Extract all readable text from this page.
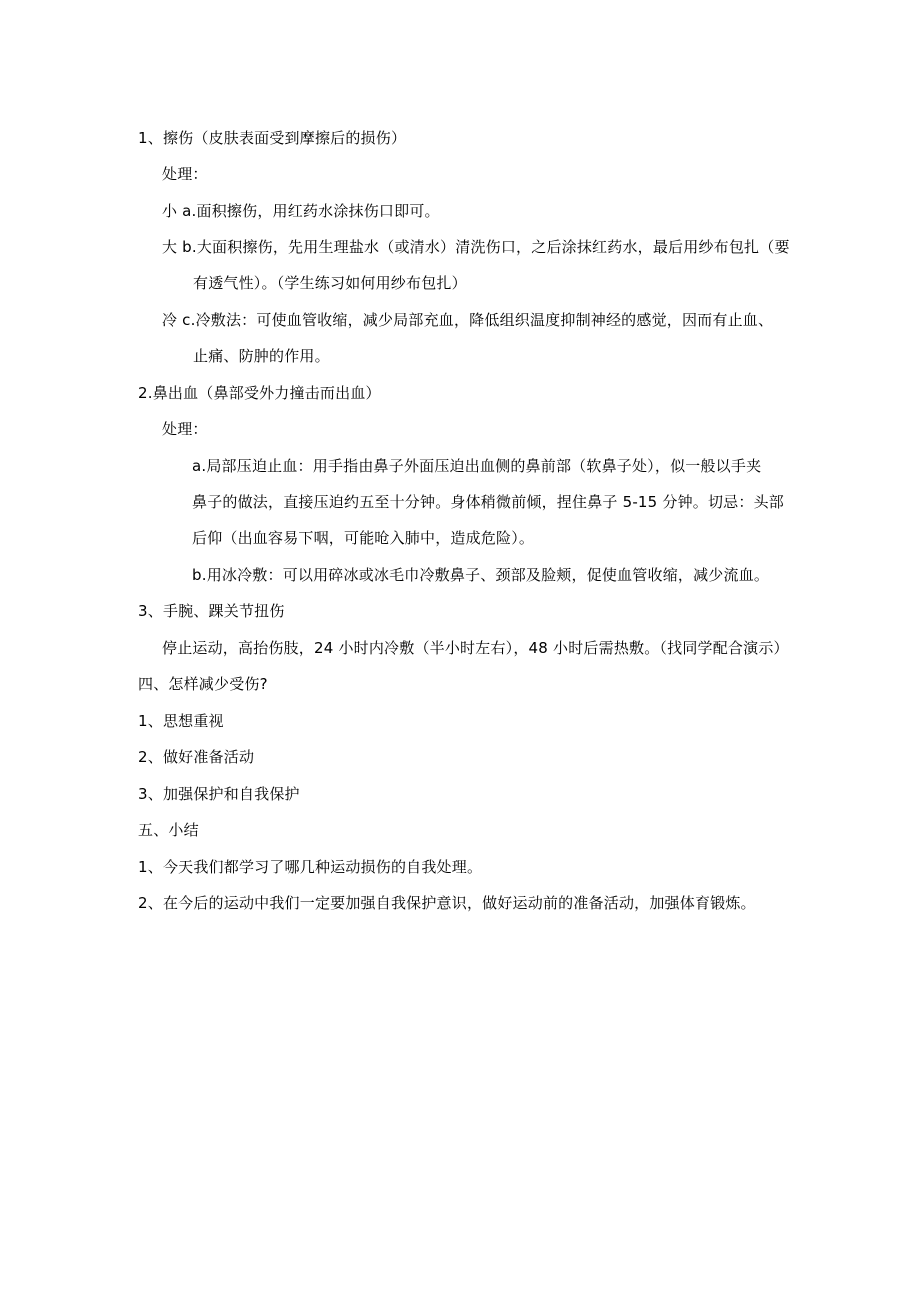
1、擦伤（皮肤表面受到摩擦后的损伤）
处理：
小 a.面积擦伤，用红药水涂抹伤口即可。
大 b.大面积擦伤，先用生理盐水（或清水）清洗伤口，之后涂抹红药水，最后用纱布包扎（要
有透气性）。（学生练习如何用纱布包扎）
冷 c.冷敷法：可使血管收缩，减少局部充血，降低组织温度抑制神经的感觉，因而有止血、
止痛、防肿的作用。
2.鼻出血（鼻部受外力撞击而出血）
处理：
a.局部压迫止血：用手指由鼻子外面压迫出血侧的鼻前部（软鼻子处），似一般以手夹
鼻子的做法，直接压迫约五至十分钟。身体稍微前倾，捏住鼻子 5-15 分钟。切忌：头部
后仰（出血容易下咽，可能呛入肺中，造成危险）。
b.用冰冷敷：可以用碎冰或冰毛巾冷敷鼻子、颈部及脸颊，促使血管收缩，减少流血。
3、手腕、踝关节扭伤
停止运动，高抬伤肢，24 小时内冷敷（半小时左右），48 小时后需热敷。（找同学配合演示）
四、怎样减少受伤?
1、思想重视
2、做好准备活动
3、加强保护和自我保护
五、小结
1、今天我们都学习了哪几种运动损伤的自我处理。
2、在今后的运动中我们一定要加强自我保护意识，做好运动前的准备活动，加强体育锻炼。
